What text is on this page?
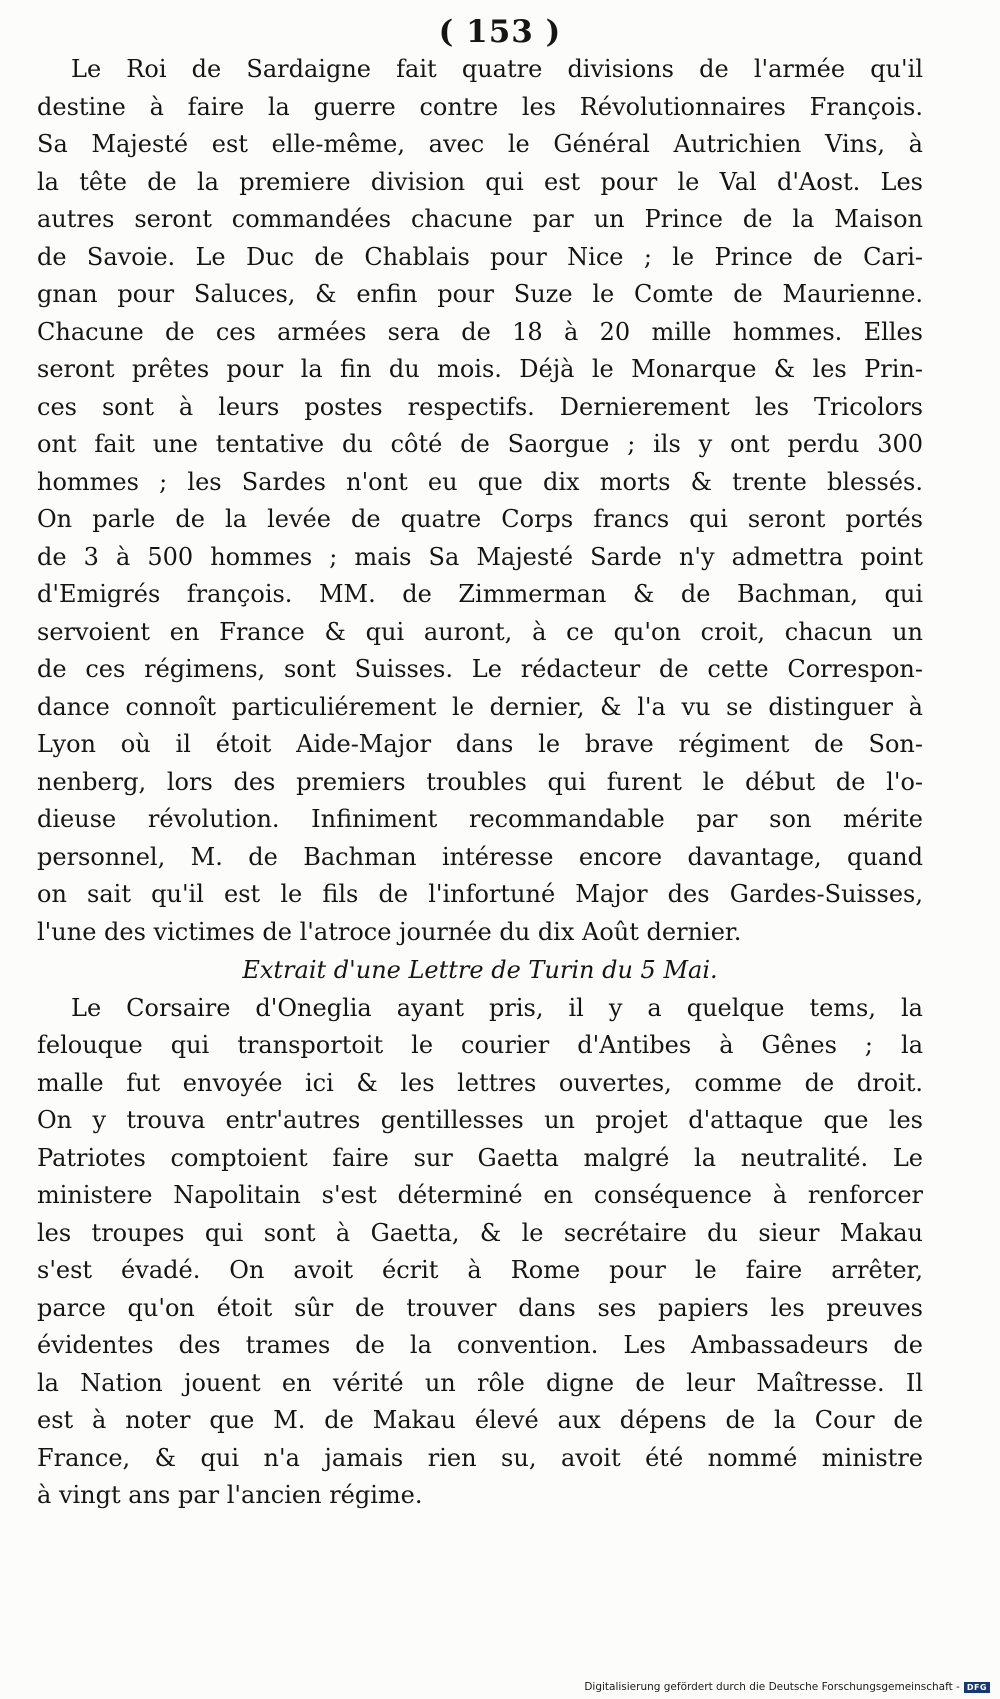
( 153 )
Le Roi de Sardaigne fait quatre divisions de l'armée qu'il
destine à faire la guerre contre les Révolutionnaires François.
Sa Majesté est elle-même, avec le Général Autrichien Vins, à
la tête de la premiere division qui est pour le Val d'Aost. Les
autres seront commandées chacune par un Prince de la Maison
de Savoie. Le Duc de Chablais pour Nice ; le Prince de Cari-
gnan pour Saluces, & enfin pour Suze le Comte de Maurienne.
Chacune de ces armées sera de 18 à 20 mille hommes. Elles
seront prêtes pour la fin du mois. Déjà le Monarque & les Prin-
ces sont à leurs postes respectifs. Dernierement les Tricolors
ont fait une tentative du côté de Saorgue ; ils y ont perdu 300
hommes ; les Sardes n'ont eu que dix morts & trente blessés.
On parle de la levée de quatre Corps francs qui seront portés
de 3 à 500 hommes ; mais Sa Majesté Sarde n'y admettra point
d'Emigrés françois. MM. de Zimmerman & de Bachman, qui
servoient en France & qui auront, à ce qu'on croit, chacun un
de ces régimens, sont Suisses. Le rédacteur de cette Correspon-
dance connoît particuliérement le dernier, & l'a vu se distinguer à
Lyon où il étoit Aide-Major dans le brave régiment de Son-
nenberg, lors des premiers troubles qui furent le début de l'o-
dieuse révolution. Infiniment recommandable par son mérite
personnel, M. de Bachman intéresse encore davantage, quand
on sait qu'il est le fils de l'infortuné Major des Gardes-Suisses,
l'une des victimes de l'atroce journée du dix Août dernier.
Extrait d'une Lettre de Turin du 5 Mai.
Le Corsaire d'Oneglia ayant pris, il y a quelque tems, la
felouque qui transportoit le courier d'Antibes à Gênes ; la
malle fut envoyée ici & les lettres ouvertes, comme de droit.
On y trouva entr'autres gentillesses un projet d'attaque que les
Patriotes comptoient faire sur Gaetta malgré la neutralité. Le
ministere Napolitain s'est déterminé en conséquence à renforcer
les troupes qui sont à Gaetta, & le secrétaire du sieur Makau
s'est évadé. On avoit écrit à Rome pour le faire arrêter,
parce qu'on étoit sûr de trouver dans ses papiers les preuves
évidentes des trames de la convention. Les Ambassadeurs de
la Nation jouent en vérité un rôle digne de leur Maîtresse. Il
est à noter que M. de Makau élevé aux dépens de la Cour de
France, & qui n'a jamais rien su, avoit été nommé ministre
à vingt ans par l'ancien régime.
Digitalisierung gefördert durch die Deutsche Forschungsgemeinschaft - DFG
